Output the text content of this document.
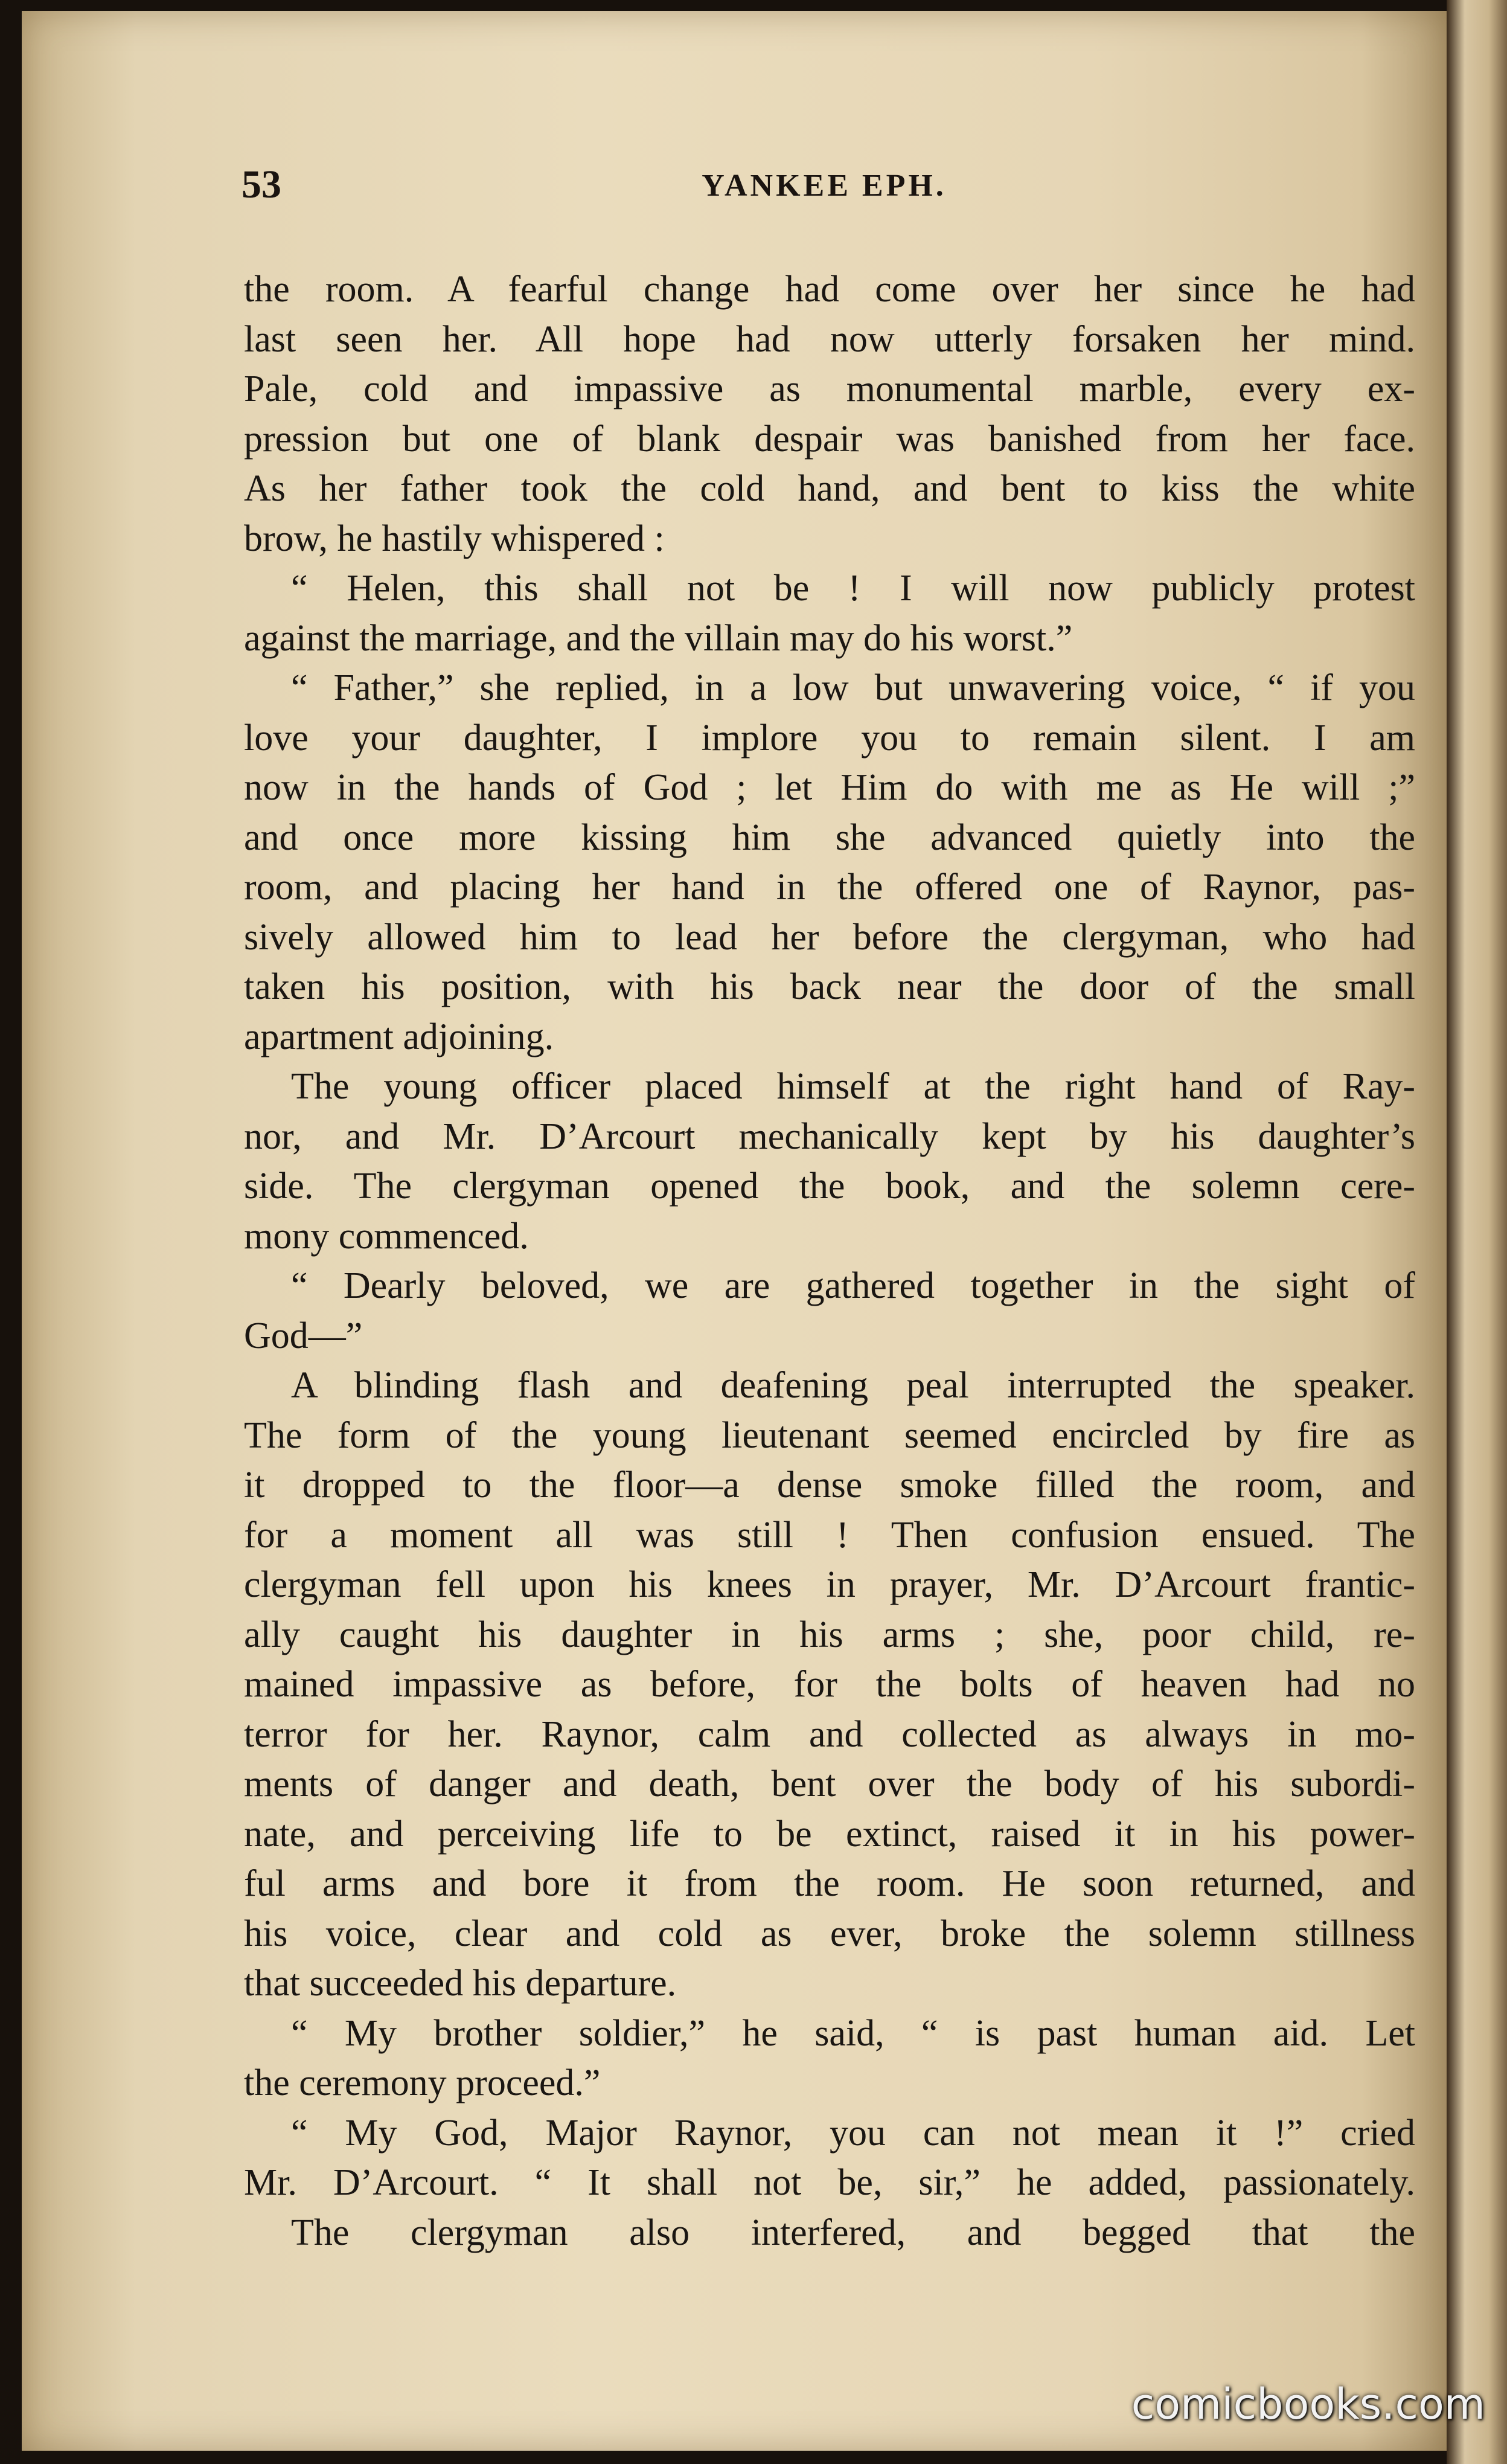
53	YANKEE EPH.
the room. A fearful change had come over her since he had
last seen her. All hope had now utterly forsaken her mind.
Pale, cold and impassive as monumental marble, every ex-
pression but one of blank despair was banished from her face.
As her father took the cold hand, and bent to kiss the white
brow, he hastily whispered :
“ Helen, this shall not be ! I will now publicly protest
against the marriage, and the villain may do his worst.”
“ Father,” she replied, in a low but unwavering voice, “ if you
love your daughter, I implore you to remain silent. I am
now in the hands of God ; let Him do with me as He will ;”
and once more kissing him she advanced quietly into the
room, and placing her hand in the offered one of Raynor, pas-
sively allowed him to lead her before the clergyman, who had
taken his position, with his back near the door of the small
apartment adjoining.
The young officer placed himself at the right hand of Ray-
nor, and Mr. D’Arcourt mechanically kept by his daughter’s
side. The clergyman opened the book, and the solemn cere-
mony commenced.
“ Dearly beloved, we are gathered together in the sight of
God—”
A blinding flash and deafening peal interrupted the speaker.
The form of the young lieutenant seemed encircled by fire as
it dropped to the floor—a dense smoke filled the room, and
for a moment all was still ! Then confusion ensued. The
clergyman fell upon his knees in prayer, Mr. D’Arcourt frantic-
ally caught his daughter in his arms ; she, poor child, re-
mained impassive as before, for the bolts of heaven had no
terror for her. Raynor, calm and collected as always in mo-
ments of danger and death, bent over the body of his subordi-
nate, and perceiving life to be extinct, raised it in his power-
ful arms and bore it from the room. He soon returned, and
his voice, clear and cold as ever, broke the solemn stillness
that succeeded his departure.
“ My brother soldier,” he said, “ is past human aid. Let
the ceremony proceed.”
“ My God, Major Raynor, you can not mean it !” cried
Mr. D’Arcourt. “ It shall not be, sir,” he added, passionately.
The clergyman also interfered, and begged that the
comicbooks.com
